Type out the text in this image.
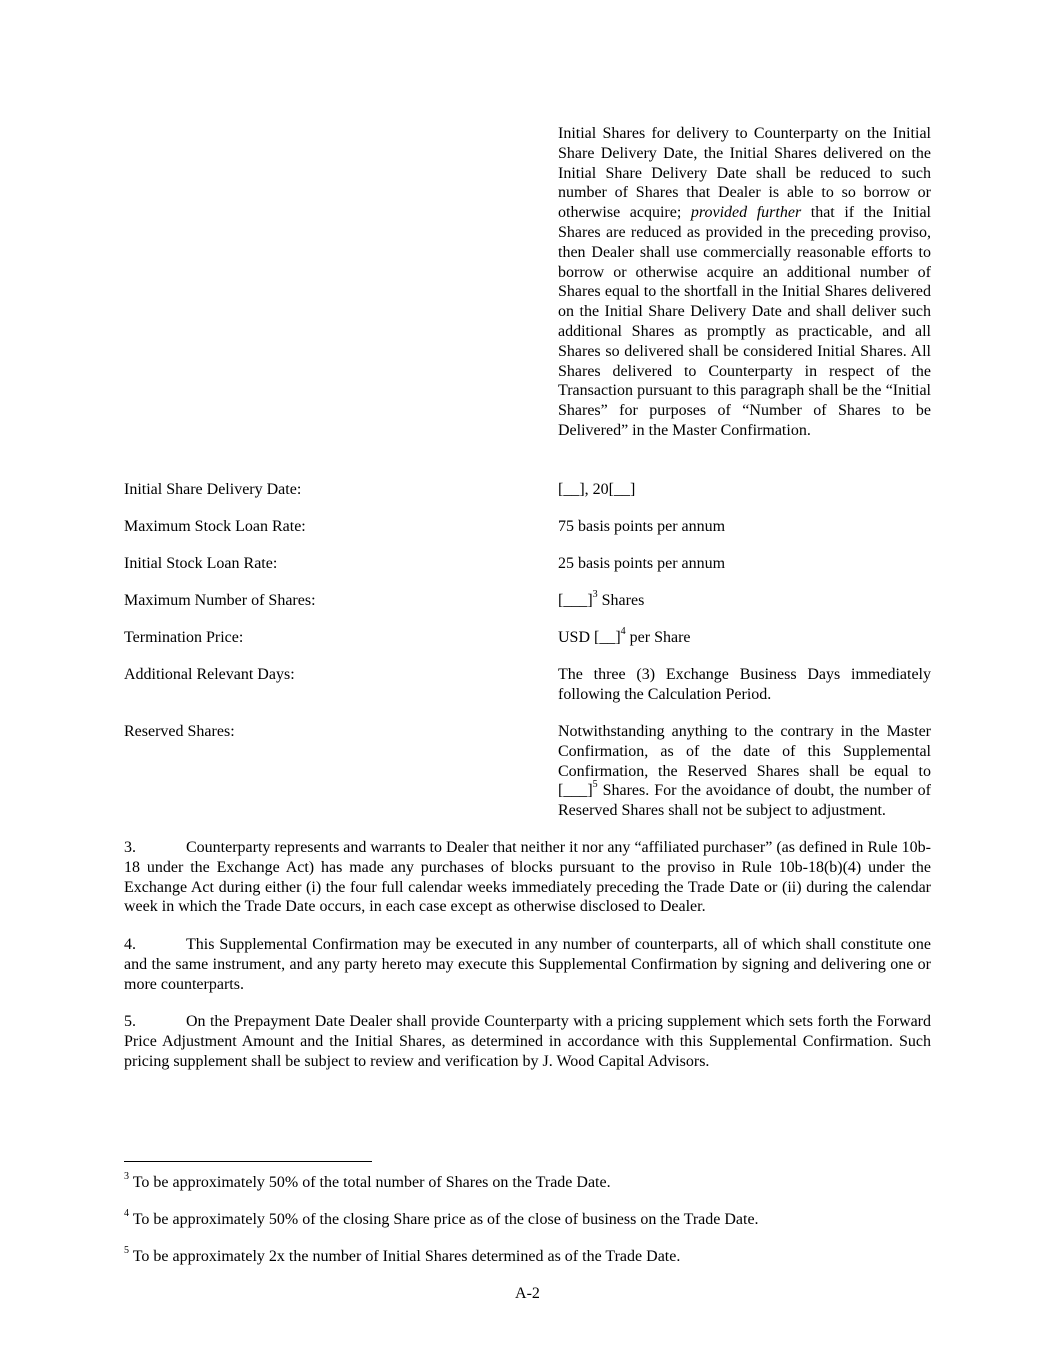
Initial Shares for delivery to Counterparty on the Initial Share Delivery Date, the Initial Shares delivered on the Initial Share Delivery Date shall be reduced to such number of Shares that Dealer is able to so borrow or otherwise acquire; provided further that if the Initial Shares are reduced as provided in the preceding proviso, then Dealer shall use commercially reasonable efforts to borrow or otherwise acquire an additional number of Shares equal to the shortfall in the Initial Shares delivered on the Initial Share Delivery Date and shall deliver such additional Shares as promptly as practicable, and all Shares so delivered shall be considered Initial Shares. All Shares delivered to Counterparty in respect of the Transaction pursuant to this paragraph shall be the “Initial Shares” for purposes of “Number of Shares to be Delivered” in the Master Confirmation.
Initial Share Delivery Date:	[__], 20[__]
Maximum Stock Loan Rate:	75 basis points per annum
Initial Stock Loan Rate:	25 basis points per annum
Maximum Number of Shares:	[___]$^3$ Shares
Termination Price:	USD [__]$^4$ per Share
Additional Relevant Days:	The three (3) Exchange Business Days immediately following the Calculation Period.
Reserved Shares:	Notwithstanding anything to the contrary in the Master Confirmation, as of the date of this Supplemental Confirmation, the Reserved Shares shall be equal to [___]$^5$ Shares. For the avoidance of doubt, the number of Reserved Shares shall not be subject to adjustment.
3.	Counterparty represents and warrants to Dealer that neither it nor any “affiliated purchaser” (as defined in Rule 10b-18 under the Exchange Act) has made any purchases of blocks pursuant to the proviso in Rule 10b-18(b)(4) under the Exchange Act during either (i) the four full calendar weeks immediately preceding the Trade Date or (ii) during the calendar week in which the Trade Date occurs, in each case except as otherwise disclosed to Dealer.
4.	This Supplemental Confirmation may be executed in any number of counterparts, all of which shall constitute one and the same instrument, and any party hereto may execute this Supplemental Confirmation by signing and delivering one or more counterparts.
5.	On the Prepayment Date Dealer shall provide Counterparty with a pricing supplement which sets forth the Forward Price Adjustment Amount and the Initial Shares, as determined in accordance with this Supplemental Confirmation. Such pricing supplement shall be subject to review and verification by J. Wood Capital Advisors.
$^3$ To be approximately 50% of the total number of Shares on the Trade Date.
$^4$ To be approximately 50% of the closing Share price as of the close of business on the Trade Date.
$^5$ To be approximately 2x the number of Initial Shares determined as of the Trade Date.
A-2
